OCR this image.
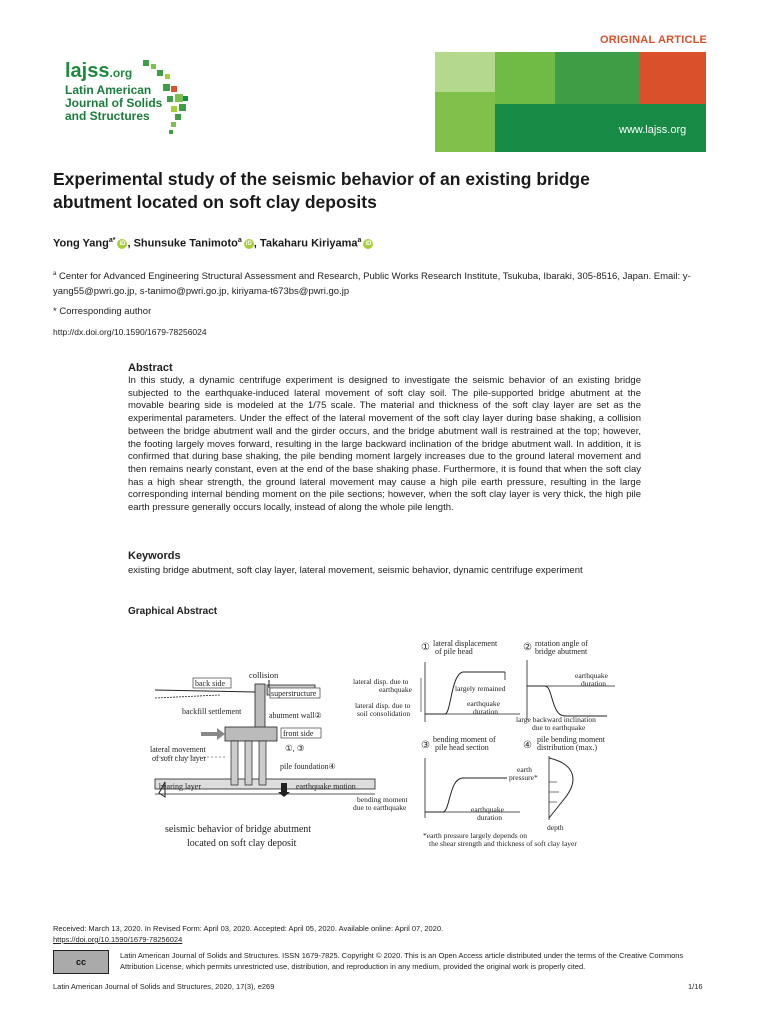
ORIGINAL ARTICLE
lajss.org
Latin American
Journal of Solids
and Structures
www.lajss.org
Experimental study of the seismic behavior of an existing bridge abutment located on soft clay deposits
Yong Yang$^{a*}$ iD , Shunsuke Tanimoto$^a$ iD , Takaharu Kiriyama$^a$ iD
$^a$ Center for Advanced Engineering Structural Assessment and Research, Public Works Research Institute, Tsukuba, Ibaraki, 305-8516, Japan. Email: y-yang55@pwri.go.jp, s-tanimo@pwri.go.jp, kiriyama-t673bs@pwri.go.jp
* Corresponding author
http://dx.doi.org/10.1590/1679-78256024
Abstract
In this study, a dynamic centrifuge experiment is designed to investigate the seismic behavior of an existing bridge subjected to the earthquake-induced lateral movement of soft clay soil. The pile-supported bridge abutment at the movable bearing side is modeled at the 1/75 scale. The material and thickness of the soft clay layer are set as the experimental parameters. Under the effect of the lateral movement of the soft clay layer during base shaking, a collision between the bridge abutment wall and the girder occurs, and the bridge abutment wall is restrained at the top; however, the footing largely moves forward, resulting in the large backward inclination of the bridge abutment wall. In addition, it is confirmed that during base shaking, the pile bending moment largely increases due to the ground lateral movement and then remains nearly constant, even at the end of the base shaking phase. Furthermore, it is found that when the soft clay has a high shear strength, the ground lateral movement may cause a high pile earth pressure, resulting in the large corresponding internal bending moment on the pile sections; however, when the soft clay layer is very thick, the high pile earth pressure generally occurs locally, instead of along the whole pile length.
Keywords
existing bridge abutment, soft clay layer, lateral movement, seismic behavior, dynamic centrifuge experiment
Graphical Abstract
collision
back side
superstructure
backfill settlement	abutment wall②
front side
①, ③
lateral movement
of soft clay layer
pile foundation④
bearing layer	earthquake motion
seismic behavior of bridge abutment
located on soft clay deposit
① lateral displacement
of pile head
lateral disp. due to
earthquake
lateral disp. due to
soil consolidation
largely remained
earthquake
duration
② rotation angle of
bridge abutment
earthquake
duration
large backward inclination
due to earthquake
③
bending moment of
pile head section
bending moment
due to earthquake	earthquake
duration
④
pile bending moment
distribution (max.)
earth
pressure*
depth
*earth pressure largely depends on
the shear strength and thickness of soft clay layer
Received: March 13, 2020. In Revised Form: April 03, 2020. Accepted: April 05, 2020. Available online: April 07, 2020.
https://doi.org/10.1590/1679-78256024
cc
Latin American Journal of Solids and Structures. ISSN 1679-7825. Copyright © 2020. This is an Open Access article distributed under the terms of the Creative Commons Attribution License, which permits unrestricted use, distribution, and reproduction in any medium, provided the original work is properly cited.
Latin American Journal of Solids and Structures, 2020, 17(3), e269	1/16
